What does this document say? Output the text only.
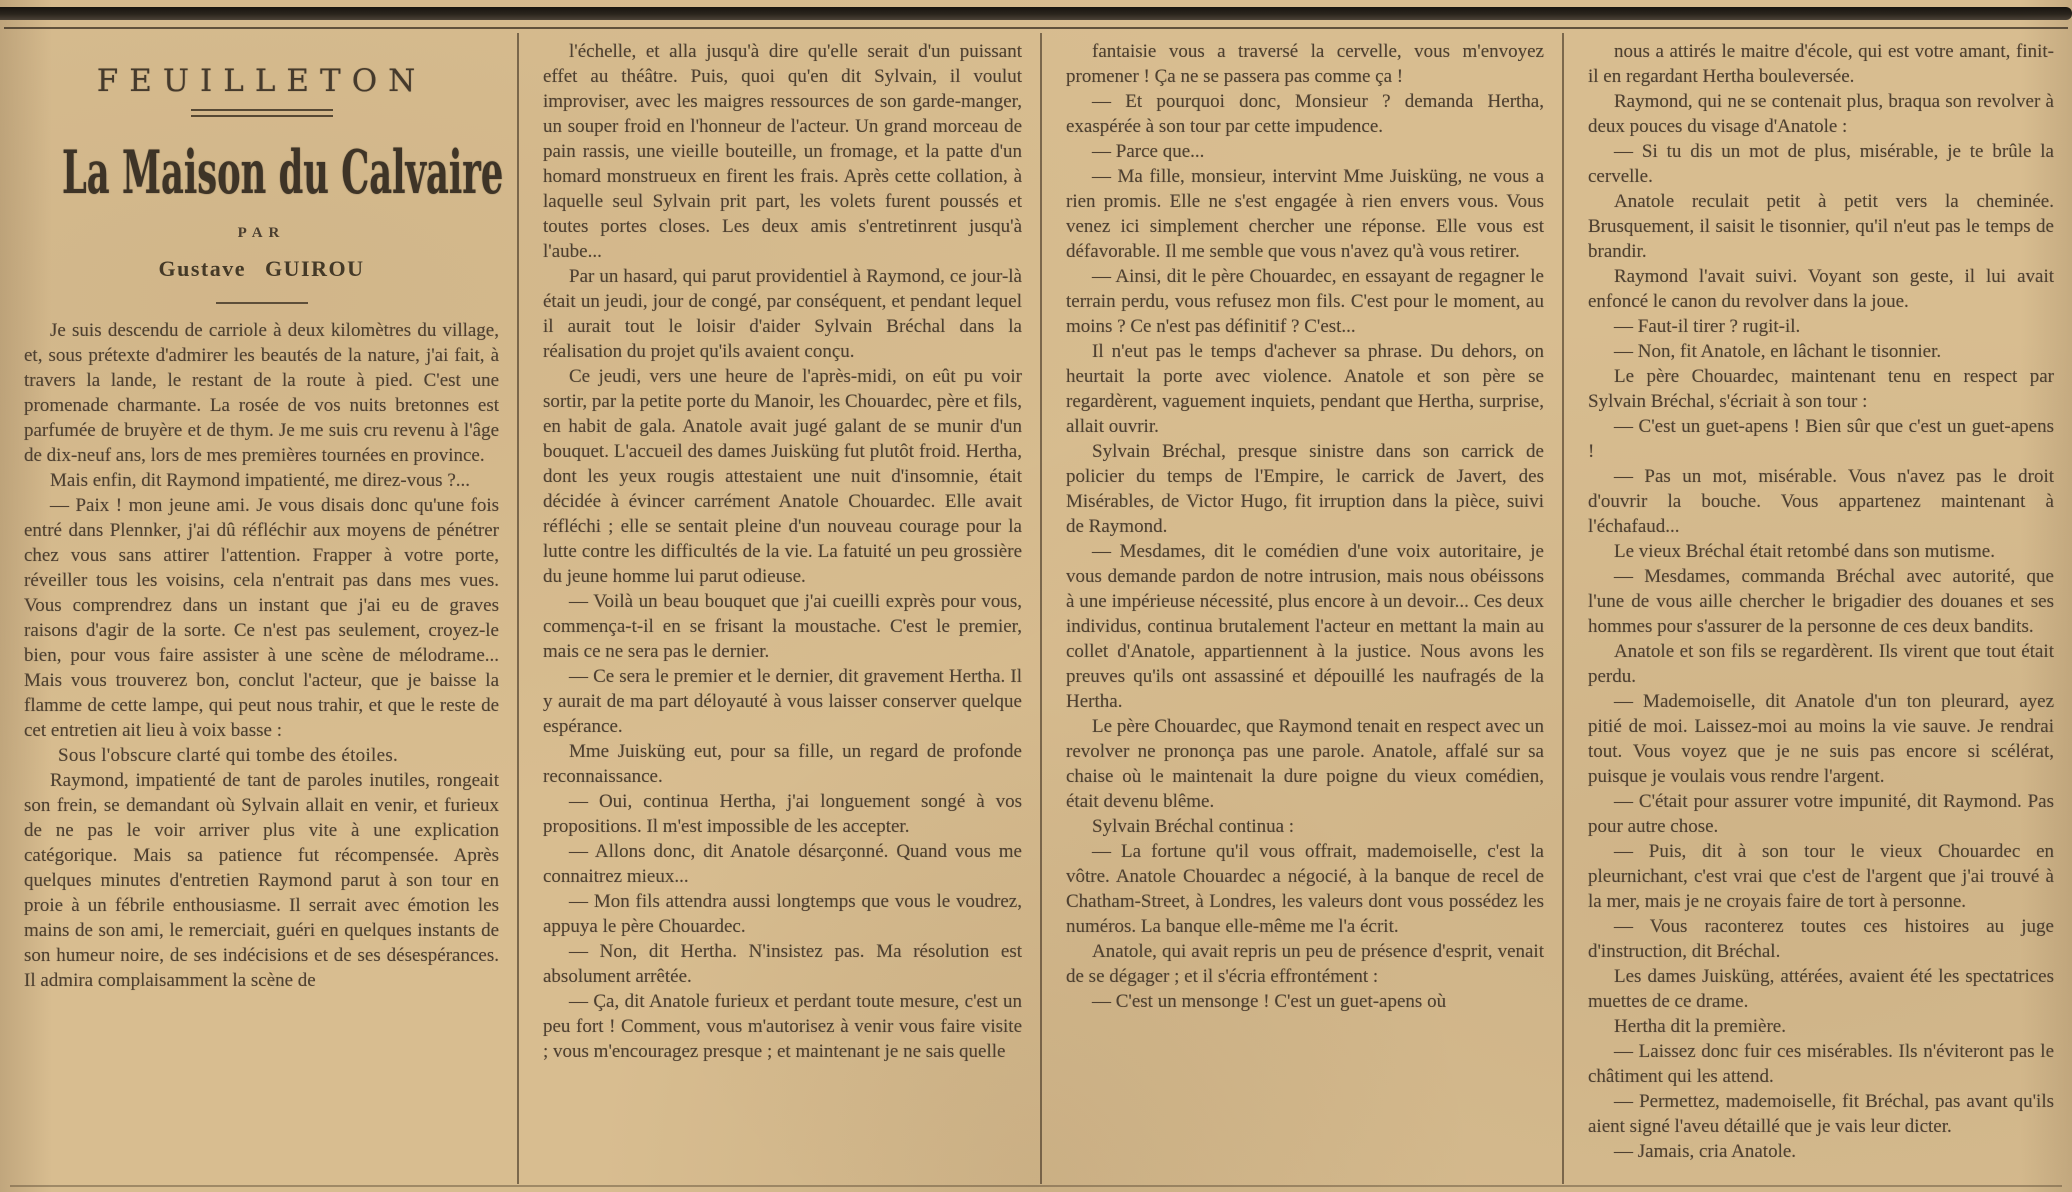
FEUILLETON
La Maison du Calvaire
PAR
Gustave GUIROU

Je suis descendu de carriole à deux kilomètres du village, et, sous prétexte d'admirer les beautés de la nature, j'ai fait, à travers la lande, le restant de la route à pied. C'est une promenade charmante. La rosée de vos nuits bretonnes est parfumée de bruyère et de thym. Je me suis cru revenu à l'âge de dix-neuf ans, lors de mes premières tournées en province.

Mais enfin, dit Raymond impatienté, me direz-vous ?...

— Paix ! mon jeune ami. Je vous disais donc qu'une fois entré dans Plennker, j'ai dû réfléchir aux moyens de pénétrer chez vous sans attirer l'attention. Frapper à votre porte, réveiller tous les voisins, cela n'entrait pas dans mes vues. Vous comprendrez dans un instant que j'ai eu de graves raisons d'agir de la sorte. Ce n'est pas seulement, croyez-le bien, pour vous faire assister à une scène de mélodrame... Mais vous trouverez bon, conclut l'acteur, que je baisse la flamme de cette lampe, qui peut nous trahir, et que le reste de cet entretien ait lieu à voix basse :

Sous l'obscure clarté qui tombe des étoiles.

Raymond, impatienté de tant de paroles inutiles, rongeait son frein, se demandant où Sylvain allait en venir, et furieux de ne pas le voir arriver plus vite à une explication catégorique. Mais sa patience fut récompensée. Après quelques minutes d'entretien Raymond parut à son tour en proie à un fébrile enthousiasme. Il serrait avec émotion les mains de son ami, le remerciait, guéri en quelques instants de son humeur noire, de ses indécisions et de ses désespérances. Il admira complaisamment la scène de

l'échelle, et alla jusqu'à dire qu'elle serait d'un puissant effet au théâtre. Puis, quoi qu'en dit Sylvain, il voulut improviser, avec les maigres ressources de son garde-manger, un souper froid en l'honneur de l'acteur. Un grand morceau de pain rassis, une vieille bouteille, un fromage, et la patte d'un homard monstrueux en firent les frais. Après cette collation, à laquelle seul Sylvain prit part, les volets furent poussés et toutes portes closes. Les deux amis s'entretinrent jusqu'à l'aube...

Par un hasard, qui parut providentiel à Raymond, ce jour-là était un jeudi, jour de congé, par conséquent, et pendant lequel il aurait tout le loisir d'aider Sylvain Bréchal dans la réalisation du projet qu'ils avaient conçu.

Ce jeudi, vers une heure de l'après-midi, on eût pu voir sortir, par la petite porte du Manoir, les Chouardec, père et fils, en habit de gala. Anatole avait jugé galant de se munir d'un bouquet. L'accueil des dames Juisküng fut plutôt froid. Hertha, dont les yeux rougis attestaient une nuit d'insomnie, était décidée à évincer carrément Anatole Chouardec. Elle avait réfléchi ; elle se sentait pleine d'un nouveau courage pour la lutte contre les difficultés de la vie. La fatuité un peu grossière du jeune homme lui parut odieuse.

— Voilà un beau bouquet que j'ai cueilli exprès pour vous, commença-t-il en se frisant la moustache. C'est le premier, mais ce ne sera pas le dernier.

— Ce sera le premier et le dernier, dit gravement Hertha. Il y aurait de ma part déloyauté à vous laisser conserver quelque espérance.

Mme Juisküng eut, pour sa fille, un regard de profonde reconnaissance.

— Oui, continua Hertha, j'ai longuement songé à vos propositions. Il m'est impossible de les accepter.

— Allons donc, dit Anatole désarçonné. Quand vous me connaitrez mieux...

— Mon fils attendra aussi longtemps que vous le voudrez, appuya le père Chouardec.

— Non, dit Hertha. N'insistez pas. Ma résolution est absolument arrêtée.

— Ça, dit Anatole furieux et perdant toute mesure, c'est un peu fort ! Comment, vous m'autorisez à venir vous faire visite ; vous m'encouragez presque ; et maintenant je ne sais quelle

fantaisie vous a traversé la cervelle, vous m'envoyez promener ! Ça ne se passera pas comme ça !

— Et pourquoi donc, Monsieur ? demanda Hertha, exaspérée à son tour par cette impudence.

— Parce que...

— Ma fille, monsieur, intervint Mme Juisküng, ne vous a rien promis. Elle ne s'est engagée à rien envers vous. Vous venez ici simplement chercher une réponse. Elle vous est défavorable. Il me semble que vous n'avez qu'à vous retirer.

— Ainsi, dit le père Chouardec, en essayant de regagner le terrain perdu, vous refusez mon fils. C'est pour le moment, au moins ? Ce n'est pas définitif ? C'est...

Il n'eut pas le temps d'achever sa phrase. Du dehors, on heurtait la porte avec violence. Anatole et son père se regardèrent, vaguement inquiets, pendant que Hertha, surprise, allait ouvrir.

Sylvain Bréchal, presque sinistre dans son carrick de policier du temps de l'Empire, le carrick de Javert, des Misérables, de Victor Hugo, fit irruption dans la pièce, suivi de Raymond.

— Mesdames, dit le comédien d'une voix autoritaire, je vous demande pardon de notre intrusion, mais nous obéissons à une impérieuse nécessité, plus encore à un devoir... Ces deux individus, continua brutalement l'acteur en mettant la main au collet d'Anatole, appartiennent à la justice. Nous avons les preuves qu'ils ont assassiné et dépouillé les naufragés de la Hertha.

Le père Chouardec, que Raymond tenait en respect avec un revolver ne prononça pas une parole. Anatole, affalé sur sa chaise où le maintenait la dure poigne du vieux comédien, était devenu blême.

Sylvain Bréchal continua :

— La fortune qu'il vous offrait, mademoiselle, c'est la vôtre. Anatole Chouardec a négocié, à la banque de recel de Chatham-Street, à Londres, les valeurs dont vous possédez les numéros. La banque elle-même me l'a écrit.

Anatole, qui avait repris un peu de présence d'esprit, venait de se dégager ; et il s'écria effrontément :

— C'est un mensonge ! C'est un guet-apens où

nous a attirés le maitre d'école, qui est votre amant, finit-il en regardant Hertha bouleversée.

Raymond, qui ne se contenait plus, braqua son revolver à deux pouces du visage d'Anatole :

— Si tu dis un mot de plus, misérable, je te brûle la cervelle.

Anatole reculait petit à petit vers la cheminée. Brusquement, il saisit le tisonnier, qu'il n'eut pas le temps de brandir.

Raymond l'avait suivi. Voyant son geste, il lui avait enfoncé le canon du revolver dans la joue.

— Faut-il tirer ? rugit-il.

— Non, fit Anatole, en lâchant le tisonnier.

Le père Chouardec, maintenant tenu en respect par Sylvain Bréchal, s'écriait à son tour :

— C'est un guet-apens ! Bien sûr que c'est un guet-apens !

— Pas un mot, misérable. Vous n'avez pas le droit d'ouvrir la bouche. Vous appartenez maintenant à l'échafaud...

Le vieux Bréchal était retombé dans son mutisme.

— Mesdames, commanda Bréchal avec autorité, que l'une de vous aille chercher le brigadier des douanes et ses hommes pour s'assurer de la personne de ces deux bandits.

Anatole et son fils se regardèrent. Ils virent que tout était perdu.

— Mademoiselle, dit Anatole d'un ton pleurard, ayez pitié de moi. Laissez-moi au moins la vie sauve. Je rendrai tout. Vous voyez que je ne suis pas encore si scélérat, puisque je voulais vous rendre l'argent.

— C'était pour assurer votre impunité, dit Raymond. Pas pour autre chose.

— Puis, dit à son tour le vieux Chouardec en pleurnichant, c'est vrai que c'est de l'argent que j'ai trouvé à la mer, mais je ne croyais faire de tort à personne.

— Vous raconterez toutes ces histoires au juge d'instruction, dit Bréchal.

Les dames Juisküng, attérées, avaient été les spectatrices muettes de ce drame.

Hertha dit la première.

— Laissez donc fuir ces misérables. Ils n'éviteront pas le châtiment qui les attend.

— Permettez, mademoiselle, fit Bréchal, pas avant qu'ils aient signé l'aveu détaillé que je vais leur dicter.

— Jamais, cria Anatole.
